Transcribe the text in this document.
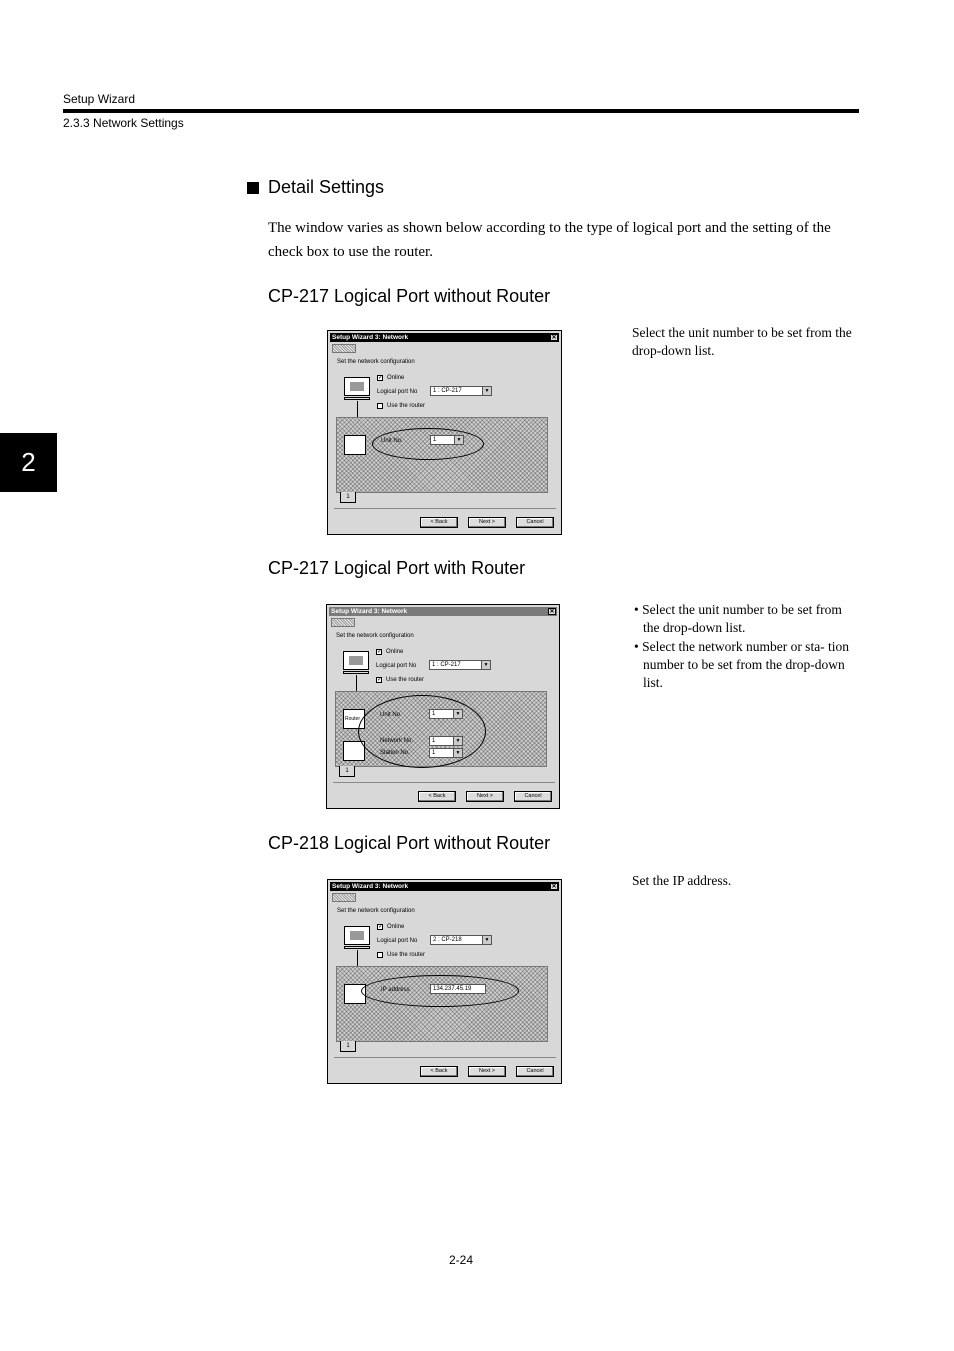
Setup Wizard
2.3.3 Network Settings
2
Detail Settings
The window varies as shown below according to the type of logical port and the setting of the check box to use the router.
CP-217 Logical Port without Router
Select the unit number to be set from the drop-down list.
Setup Wizard 3: Network	✕
Set the network configuration
✓ Online
Logical port No	1 : CP-217	▼
Use the router
Unit No.	1	▼
1
< Back	Next >	Cancel
CP-217 Logical Port with Router
• Select the unit number to be set from the drop-down list.
• Select the network number or sta- tion number to be set from the drop-down list.
Setup Wizard 3: Network	✕
Set the network configuration
✓ Online
Logical port No	1 : CP-217	▼
✓ Use the router
Router
Unit No.	1	▼
Network No.	1	▼
Station No.	1	▼
1
< Back	Next >	Cancel
CP-218 Logical Port without Router
Set the IP address.
Setup Wizard 3: Network	✕
Set the network configuration
✓ Online
Logical port No	2 : CP-218	▼
Use the router
IP address	134.237.45.19
1
< Back	Next >	Cancel
2-24
